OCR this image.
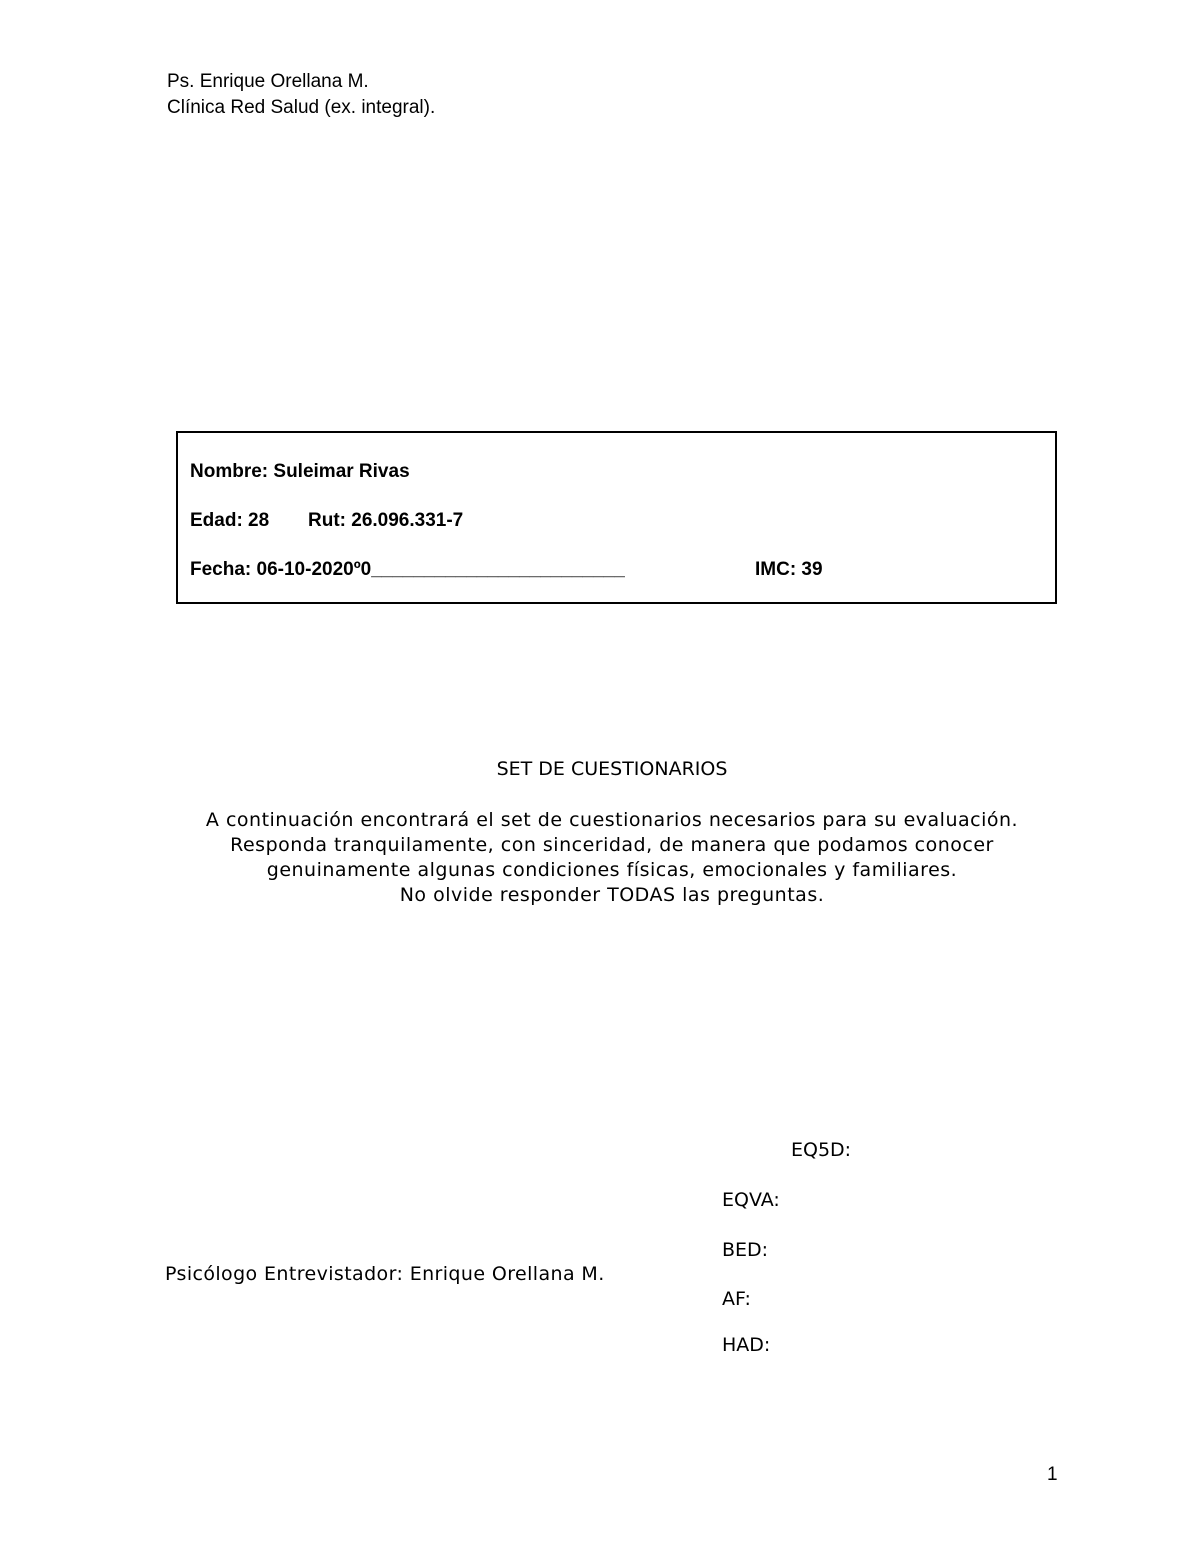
Ps. Enrique Orellana M.
Clínica Red Salud (ex. integral).
Nombre: Suleimar Rivas
Edad: 28 Rut: 26.096.331-7
Fecha: 06-10-2020º0________________________	IMC: 39
SET DE CUESTIONARIOS

A continuación encontrará el set de cuestionarios necesarios para su evaluación.

Responda tranquilamente, con sinceridad, de manera que podamos conocer genuinamente algunas condiciones físicas, emocionales y familiares.

No olvide responder TODAS las preguntas.

Psicólogo Entrevistador: Enrique Orellana M.
EQ5D:
EQVA:
BED:
AF:
HAD:
1
